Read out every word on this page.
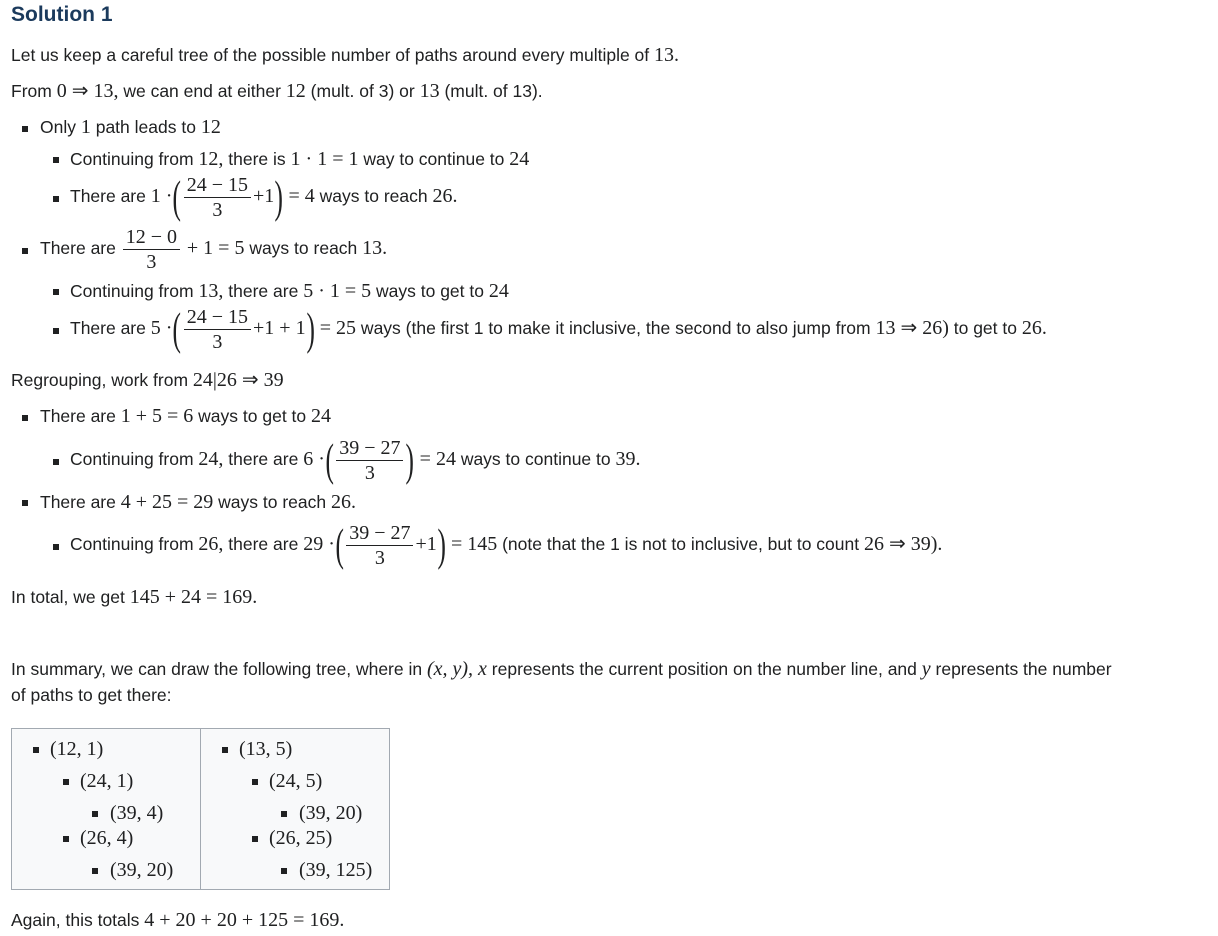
Solution 1
Let us keep a careful tree of the possible number of paths around every multiple of 13.
From 0 ⇒ 13, we can end at either 12 (mult. of 3) or 13 (mult. of 13).
Only 1 path leads to 12
Continuing from 12, there is 1 · 1 = 1 way to continue to 24
There are 1 ·( $\frac{24 - 15}{3} +1) = 4$ ways to reach 26.
There are $\frac{12 - 0}{3} + 1 = 5$ ways to reach 13.
Continuing from 13, there are 5 · 1 = 5 ways to get to 24
There are 5 ·( $\frac{24 - 15}{3} +1 + 1) = 25$ ways (the first 1 to make it inclusive, the second to also jump from 13 ⇒ 26) to get to 26.
Regrouping, work from 24|26 ⇒ 39
There are 1 + 5 = 6 ways to get to 24
Continuing from 24, there are 6 ·( $\frac{39 - 27}{3}$ ) = 24 ways to continue to 39.
There are 4 + 25 = 29 ways to reach 26.
Continuing from 26, there are 29 ·( $\frac{39 - 27}{3} +1) = 145$ (note that the 1 is not to inclusive, but to count 26 ⇒ 39).
In total, we get 145 + 24 = 169.
In summary, we can draw the following tree, where in (x, y), x represents the current position on the number line, and y represents the number
of paths to get there:
(12, 1)
(24, 1)
(39, 4)
(26, 4)
(39, 20)
(13, 5)
(24, 5)
(39, 20)
(26, 25)
(39, 125)
Again, this totals 4 + 20 + 20 + 125 = 169.
